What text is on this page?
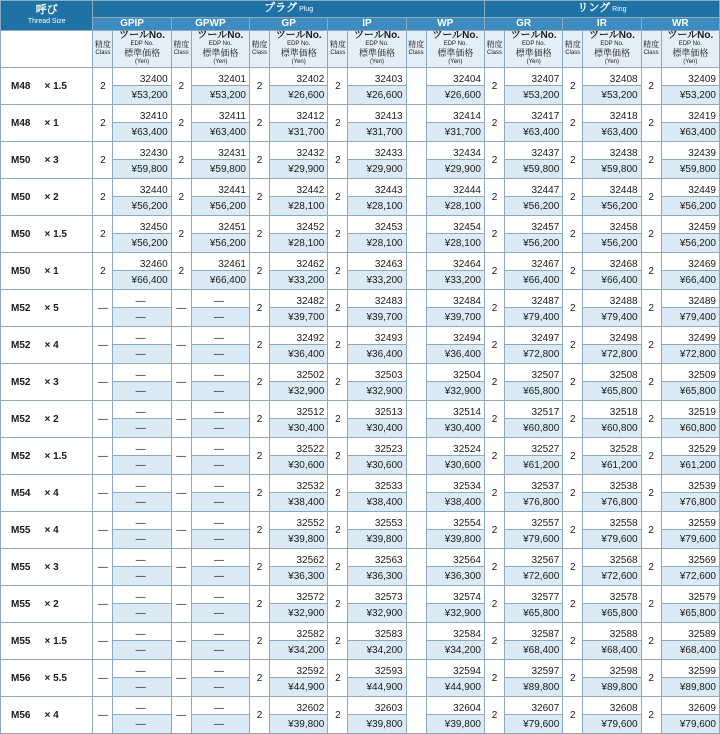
呼び
Thread Size	プラグ Plug										リング Ring					
	GPIP		GPWP		GP		IP		WP		GR		IR		WR	
	精度
Class	ツールNo.
EDP No.
標準価格
(Yen)	精度
Class	ツールNo.
EDP No.
標準価格
(Yen)	精度
Class	ツールNo.
EDP No.
標準価格
(Yen)	精度
Class	ツールNo.
EDP No.
標準価格
(Yen)	精度
Class	ツールNo.
EDP No.
標準価格
(Yen)	精度
Class	ツールNo.
EDP No.
標準価格
(Yen)	精度
Class	ツールNo.
EDP No.
標準価格
(Yen)	精度
Class	ツールNo.
EDP No.
標準価格
(Yen)

M48 × 1.5	2	32400	2	32401	2	32402	2	32403		32404	2	32407	2	32408	2	32409
		¥53,200		¥53,200		¥26,600		¥26,600		¥26,600		¥53,200		¥53,200		¥53,200
M48 × 1	2	32410	2	32411	2	32412	2	32413		32414	2	32417	2	32418	2	32419
		¥63,400		¥63,400		¥31,700		¥31,700		¥31,700		¥63,400		¥63,400		¥63,400
M50 × 3	2	32430	2	32431	2	32432	2	32433		32434	2	32437	2	32438	2	32439
		¥59,800		¥59,800		¥29,900		¥29,900		¥29,900		¥59,800		¥59,800		¥59,800
M50 × 2	2	32440	2	32441	2	32442	2	32443		32444	2	32447	2	32448	2	32449
		¥56,200		¥56,200		¥28,100		¥28,100		¥28,100		¥56,200		¥56,200		¥56,200
M50 × 1.5	2	32450	2	32451	2	32452	2	32453		32454	2	32457	2	32458	2	32459
		¥56,200		¥56,200		¥28,100		¥28,100		¥28,100		¥56,200		¥56,200		¥56,200
M50 × 1	2	32460	2	32461	2	32462	2	32463		32464	2	32467	2	32468	2	32469
		¥66,400		¥66,400		¥33,200		¥33,200		¥33,200		¥66,400		¥66,400		¥66,400
M52 × 5	—	—	—	—	2	32482	2	32483		32484	2	32487	2	32488	2	32489
		—		—		¥39,700		¥39,700		¥39,700		¥79,400		¥79,400		¥79,400
M52 × 4	—	—	—	—	2	32492	2	32493		32494	2	32497	2	32498	2	32499
		—		—		¥36,400		¥36,400		¥36,400		¥72,800		¥72,800		¥72,800
M52 × 3	—	—	—	—	2	32502	2	32503		32504	2	32507	2	32508	2	32509
		—		—		¥32,900		¥32,900		¥32,900		¥65,800		¥65,800		¥65,800
M52 × 2	—	—	—	—	2	32512	2	32513		32514	2	32517	2	32518	2	32519
		—		—		¥30,400		¥30,400		¥30,400		¥60,800		¥60,800		¥60,800
M52 × 1.5	—	—	—	—	2	32522	2	32523		32524	2	32527	2	32528	2	32529
		—		—		¥30,600		¥30,600		¥30,600		¥61,200		¥61,200		¥61,200
M54 × 4	—	—	—	—	2	32532	2	32533		32534	2	32537	2	32538	2	32539
		—		—		¥38,400		¥38,400		¥38,400		¥76,800		¥76,800		¥76,800
M55 × 4	—	—	—	—	2	32552	2	32553		32554	2	32557	2	32558	2	32559
		—		—		¥39,800		¥39,800		¥39,800		¥79,600		¥79,600		¥79,600
M55 × 3	—	—	—	—	2	32562	2	32563		32564	2	32567	2	32568	2	32569
		—		—		¥36,300		¥36,300		¥36,300		¥72,600		¥72,600		¥72,600
M55 × 2	—	—	—	—	2	32572	2	32573		32574	2	32577	2	32578	2	32579
		—		—		¥32,900		¥32,900		¥32,900		¥65,800		¥65,800		¥65,800
M55 × 1.5	—	—	—	—	2	32582	2	32583		32584	2	32587	2	32588	2	32589
		—		—		¥34,200		¥34,200		¥34,200		¥68,400		¥68,400		¥68,400
M56 × 5.5	—	—	—	—	2	32592	2	32593		32594	2	32597	2	32598	2	32599
		—		—		¥44,900		¥44,900		¥44,900		¥89,800		¥89,800		¥89,800
M56 × 4	—	—	—	—	2	32602	2	32603		32604	2	32607	2	32608	2	32609
		—		—		¥39,800		¥39,800		¥39,800		¥79,600		¥79,600		¥79,600
